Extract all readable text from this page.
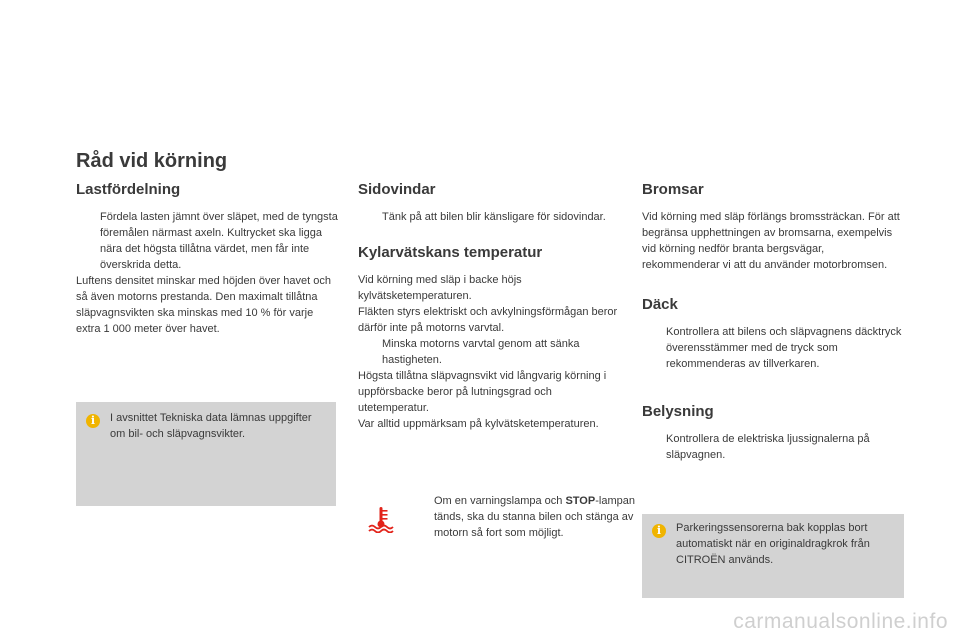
Råd vid körning
Lastfördelning

Fördela lasten jämnt över släpet, med de tyngsta föremålen närmast axeln. Kultrycket ska ligga nära det högsta tillåtna värdet, men får inte överskrida detta.

Luftens densitet minskar med höjden över havet och så även motorns prestanda. Den maximalt tillåtna släpvagnsvikten ska minskas med 10 % för varje extra 1 000 meter över havet.

i	I avsnittet Tekniska data lämnas uppgifter om bil- och släpvagnsvikter.
Sidovindar

Tänk på att bilen blir känsligare för sidovindar.

Kylarvätskans temperatur

Vid körning med släp i backe höjs kylvätsketemperaturen.

Fläkten styrs elektriskt och avkylningsförmågan beror därför inte på motorns varvtal.

Minska motorns varvtal genom att sänka hastigheten.

Högsta tillåtna släpvagnsvikt vid långvarig körning i uppförsbacke beror på lutningsgrad och utetemperatur.

Var alltid uppmärksam på kylvätsketemperaturen.

Om en varningslampa och STOP-lampan tänds, ska du stanna bilen och stänga av motorn så fort som möjligt.

Bromsar

Vid körning med släp förlängs bromssträckan. För att begränsa upphettningen av bromsarna, exempelvis vid körning nedför branta bergsvägar, rekommenderar vi att du använder motorbromsen.

Däck

Kontrollera att bilens och släpvagnens däcktryck överensstämmer med de tryck som rekommenderas av tillverkaren.

Belysning

Kontrollera de elektriska ljussignalerna på släpvagnen.

i	Parkeringssensorerna bak kopplas bort automatiskt när en originaldragkrok från CITROËN används.
carmanualsonline.info
